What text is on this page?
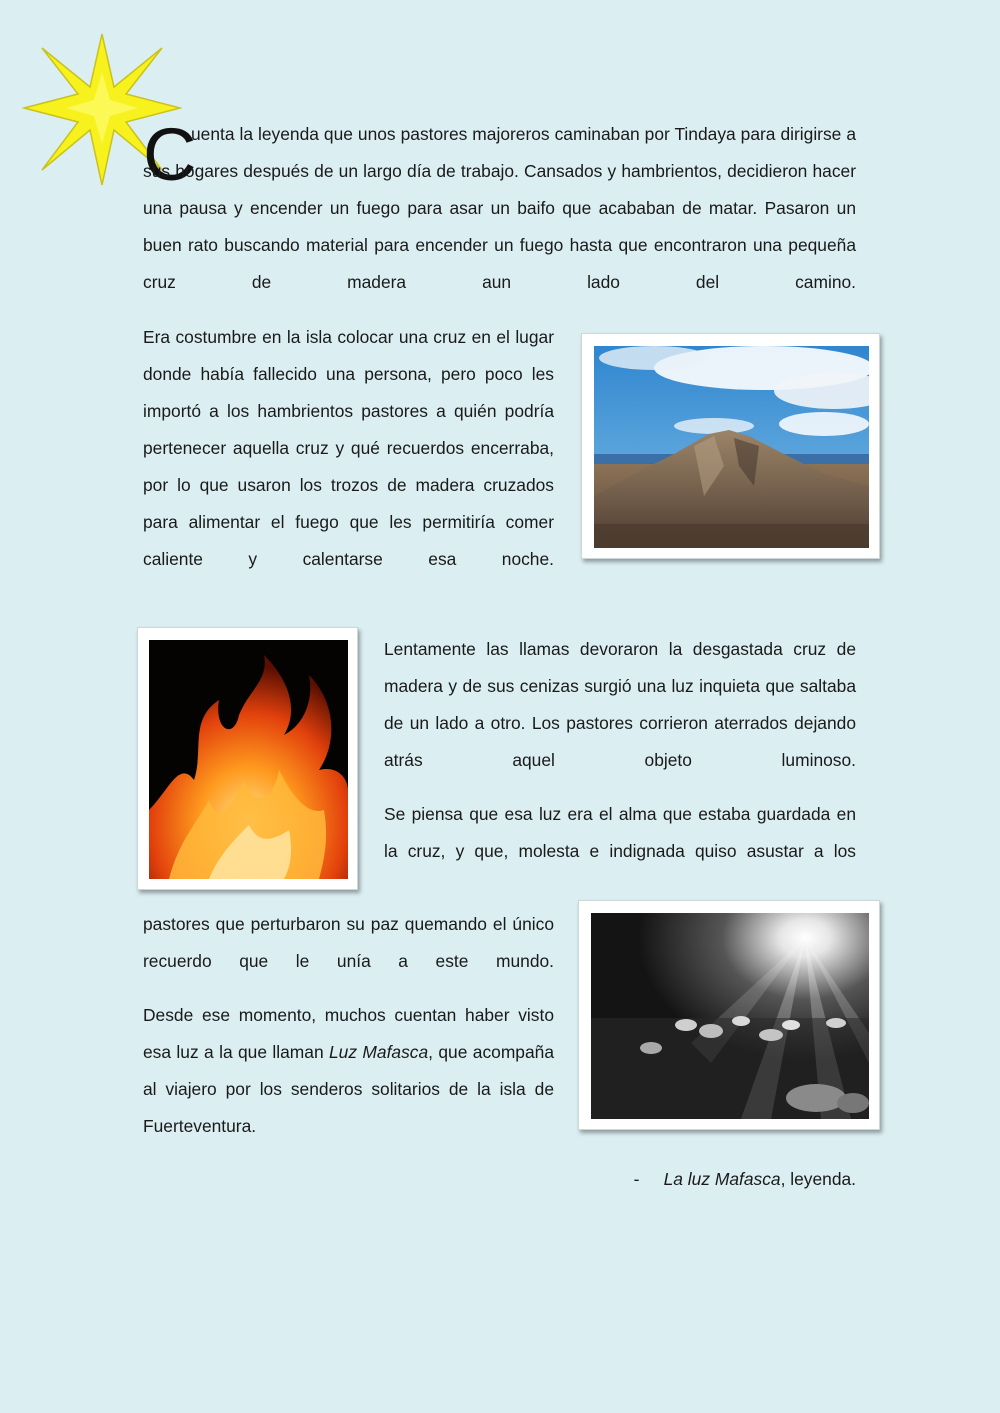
C

uenta la leyenda que unos pastores majoreros caminaban por Tindaya para dirigirse a sus hogares después de un largo día de trabajo. Cansados y hambrientos, decidieron hacer una pausa y encender un fuego para asar un baifo que acababan de matar. Pasaron un buen rato buscando material para encender un fuego hasta que encontraron una pequeña cruz de madera aun lado del camino.

Era costumbre en la isla colocar una cruz en el lugar donde había fallecido una persona, pero poco les importó a los hambrientos pastores a quién podría pertenecer aquella cruz y qué recuerdos encerraba, por lo que usaron los trozos de madera cruzados para alimentar el fuego que les permitiría comer caliente y calentarse esa noche.

Lentamente las llamas devoraron la desgastada cruz de madera y de sus cenizas surgió una luz inquieta que saltaba de un lado a otro. Los pastores corrieron aterrados dejando atrás aquel objeto luminoso.

Se piensa que esa luz era el alma que estaba guardada en la cruz, y que, molesta e indignada quiso asustar a los

pastores que perturbaron su paz quemando el único recuerdo que le unía a este mundo.

Desde ese momento, muchos cuentan haber visto esa luz a la que llaman Luz Mafasca, que acompaña al viajero por los senderos solitarios de la isla de Fuerteventura.

- La luz Mafasca, leyenda.
